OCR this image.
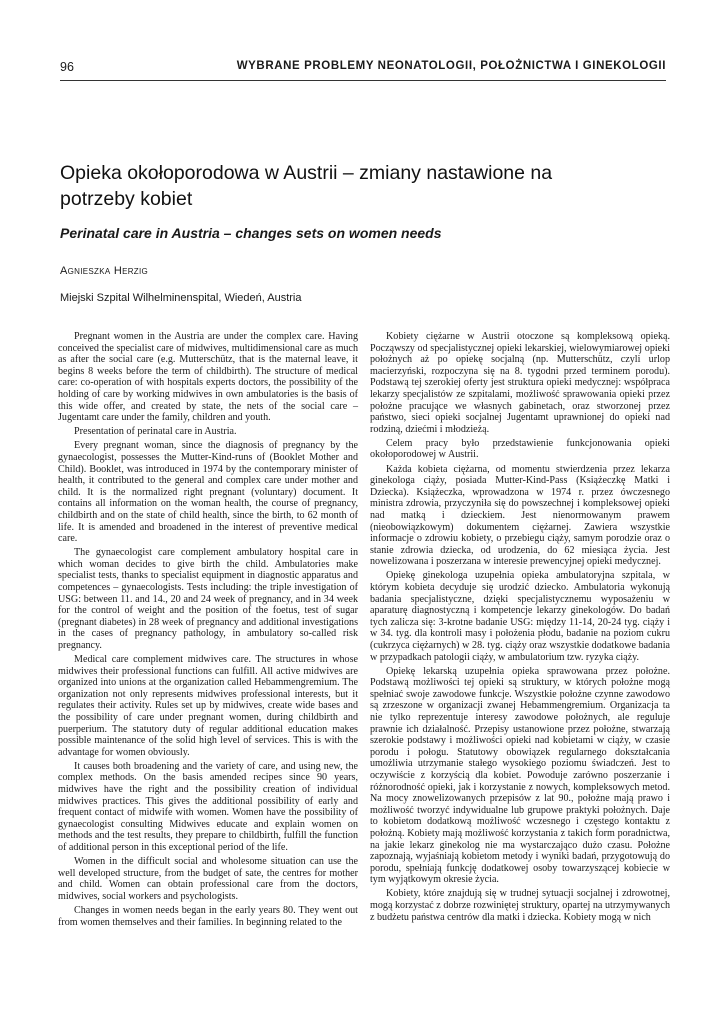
96	WYBRANE PROBLEMY NEONATOLOGII, POŁOŻNICTWA I GINEKOLOGII
Opieka okołoporodowa w Austrii – zmiany nastawione na potrzeby kobiet
Perinatal care in Austria – changes sets on women needs
Agnieszka Herzig
Miejski Szpital Wilhelminenspital, Wiedeń, Austria

Pregnant women in the Austria are under the complex care. Having conceived the specialist care of midwives, multidimensional care as much as after the social care (e.g. Mutterschütz, that is the maternal leave, it begins 8 weeks before the term of childbirth). The structure of medical care: co-operation of with hospitals experts doctors, the possibility of the holding of care by working midwives in own ambulatories is the basis of this wide offer, and created by state, the nets of the social care – Jugentamt care under the family, children and youth.

Presentation of perinatal care in Austria.

Every pregnant woman, since the diagnosis of pregnancy by the gynaecologist, possesses the Mutter-Kind-runs of (Booklet Mother and Child). Booklet, was introduced in 1974 by the contemporary minister of health, it contributed to the general and complex care under mother and child. It is the normalized right pregnant (voluntary) document. It contains all information on the woman health, the course of pregnancy, childbirth and on the state of child health, since the birth, to 62 month of life. It is amended and broadened in the interest of preventive medical care.

The gynaecologist care complement ambulatory hospital care in which woman decides to give birth the child. Ambulatories make specialist tests, thanks to specialist equipment in diagnostic apparatus and competences – gynaecologists. Tests including: the triple investigation of USG: between 11. and 14., 20 and 24 week of pregnancy, and in 34 week for the control of weight and the position of the foetus, test of sugar (pregnant diabetes) in 28 week of pregnancy and additional investigations in the cases of pregnancy pathology, in ambulatory so-called risk pregnancy.

Medical care complement midwives care. The structures in whose midwives their professional functions can fulfill. All active midwives are organized into unions at the organization called Hebammengremium. The organization not only represents midwives professional interests, but it regulates their activity. Rules set up by midwives, create wide bases and the possibility of care under pregnant women, during childbirth and puerperium. The statutory duty of regular additional education makes possible maintenance of the solid high level of services. This is with the advantage for women obviously.

It causes both broadening and the variety of care, and using new, the complex methods. On the basis amended recipes since 90 years, midwives have the right and the possibility creation of individual midwives practices. This gives the additional possibility of early and frequent contact of midwife with women. Women have the possibility of gynaecologist consulting Midwives educate and explain women on methods and the test results, they prepare to childbirth, fulfill the function of additional person in this exceptional period of the life.

Women in the difficult social and wholesome situation can use the well developed structure, from the budget of sate, the centres for mother and child. Women can obtain professional care from the doctors, midwives, social workers and psychologists.

Changes in women needs began in the early years 80. They went out from women themselves and their families. In beginning related to the

Kobiety ciężarne w Austrii otoczone są kompleksową opieką. Począwszy od specjalistycznej opieki lekarskiej, wielowymiarowej opieki położnych aż po opiekę socjalną (np. Mutterschütz, czyli urlop macierzyński, rozpoczyna się na 8. tygodni przed terminem porodu). Podstawą tej szerokiej oferty jest struktura opieki medycznej: współpraca lekarzy specjalistów ze szpitalami, możliwość sprawowania opieki przez położne pracujące we własnych gabinetach, oraz stworzonej przez państwo, sieci opieki socjalnej Jugentamt uprawnionej do opieki nad rodziną, dziećmi i młodzieżą.

Celem pracy było przedstawienie funkcjonowania opieki okołoporodowej w Austrii.

Każda kobieta ciężarna, od momentu stwierdzenia przez lekarza ginekologa ciąży, posiada Mutter-Kind-Pass (Książeczkę Matki i Dziecka). Książeczka, wprowadzona w 1974 r. przez ówczesnego ministra zdrowia, przyczyniła się do powszechnej i kompleksowej opieki nad matką i dzieckiem. Jest nienormowanym prawem (nieobowiązkowym) dokumentem ciężarnej. Zawiera wszystkie informacje o zdrowiu kobiety, o przebiegu ciąży, samym porodzie oraz o stanie zdrowia dziecka, od urodzenia, do 62 miesiąca życia. Jest nowelizowana i poszerzana w interesie prewencyjnej opieki medycznej.

Opiekę ginekologa uzupełnia opieka ambulatoryjna szpitala, w którym kobieta decyduje się urodzić dziecko. Ambulatoria wykonują badania specjalistyczne, dzięki specjalistycznemu wyposażeniu w aparaturę diagnostyczną i kompetencje lekarzy ginekologów. Do badań tych zalicza się: 3-krotne badanie USG: między 11-14, 20-24 tyg. ciąży i w 34. tyg. dla kontroli masy i położenia płodu, badanie na poziom cukru (cukrzyca ciężarnych) w 28. tyg. ciąży oraz wszystkie dodatkowe badania w przypadkach patologii ciąży, w ambulatorium tzw. ryzyka ciąży.

Opiekę lekarską uzupełnia opieka sprawowana przez położne. Podstawą możliwości tej opieki są struktury, w których położne mogą spełniać swoje zawodowe funkcje. Wszystkie położne czynne zawodowo są zrzeszone w organizacji zwanej Hebammengremium. Organizacja ta nie tylko reprezentuje interesy zawodowe położnych, ale reguluje prawnie ich działalność. Przepisy ustanowione przez położne, stwarzają szerokie podstawy i możliwości opieki nad kobietami w ciąży, w czasie porodu i połogu. Statutowy obowiązek regularnego dokształcania umożliwia utrzymanie stałego wysokiego poziomu świadczeń. Jest to oczywiście z korzyścią dla kobiet. Powoduje zarówno poszerzanie i różnorodność opieki, jak i korzystanie z nowych, kompleksowych metod. Na mocy znowelizowanych przepisów z lat 90., położne mają prawo i możliwość tworzyć indywidualne lub grupowe praktyki położnych. Daje to kobietom dodatkową możliwość wczesnego i częstego kontaktu z położną. Kobiety mają możliwość korzystania z takich form poradnictwa, na jakie lekarz ginekolog nie ma wystarczająco dużo czasu. Położne zapoznają, wyjaśniają kobietom metody i wyniki badań, przygotowują do porodu, spełniają funkcję dodatkowej osoby towarzyszącej kobiecie w tym wyjątkowym okresie życia.

Kobiety, które znajdują się w trudnej sytuacji socjalnej i zdrowotnej, mogą korzystać z dobrze rozwiniętej struktury, opartej na utrzymywanych z budżetu państwa centrów dla matki i dziecka. Kobiety mogą w nich
